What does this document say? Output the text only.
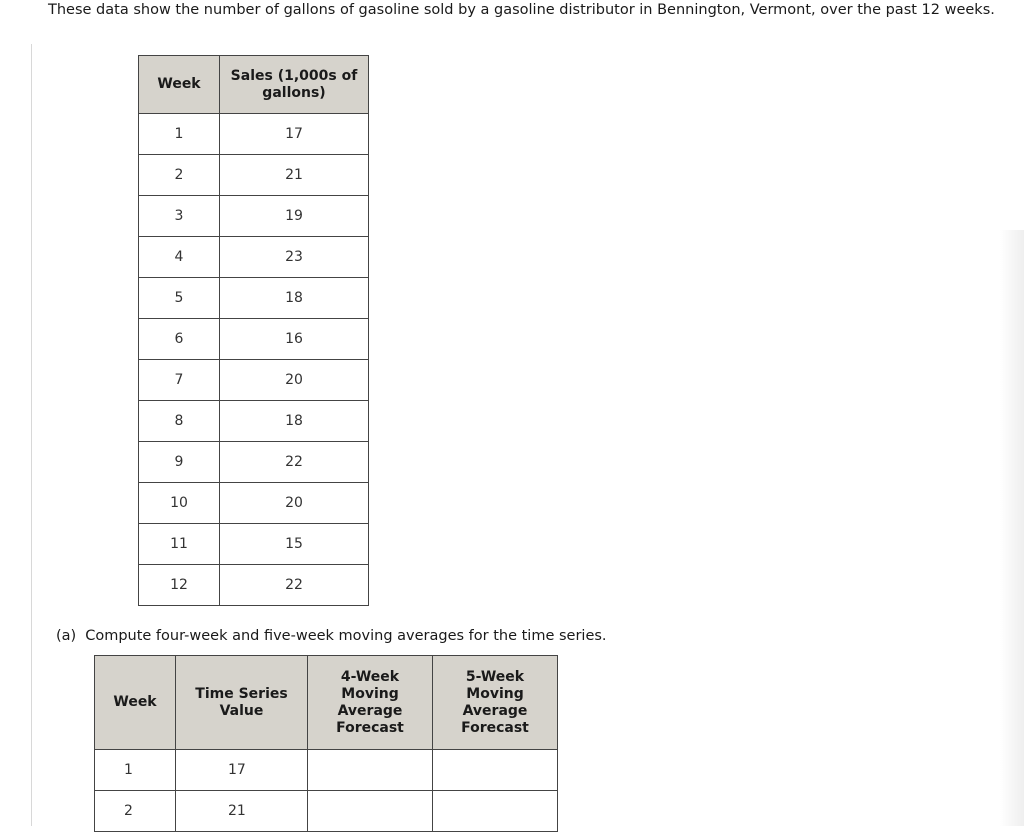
These data show the number of gallons of gasoline sold by a gasoline distributor in Bennington, Vermont, over the past 12 weeks.

Week	Sales (1,000s of gallons)
1	17
2	21
3	19
4	23
5	18
6	16
7	20
8	18
9	22
10	20
11	15
12	22

(a) Compute four-week and five-week moving averages for the time series.

Week	Time Series Value	4-Week Moving Average Forecast	5-Week Moving Average Forecast
1	17		
2	21		
